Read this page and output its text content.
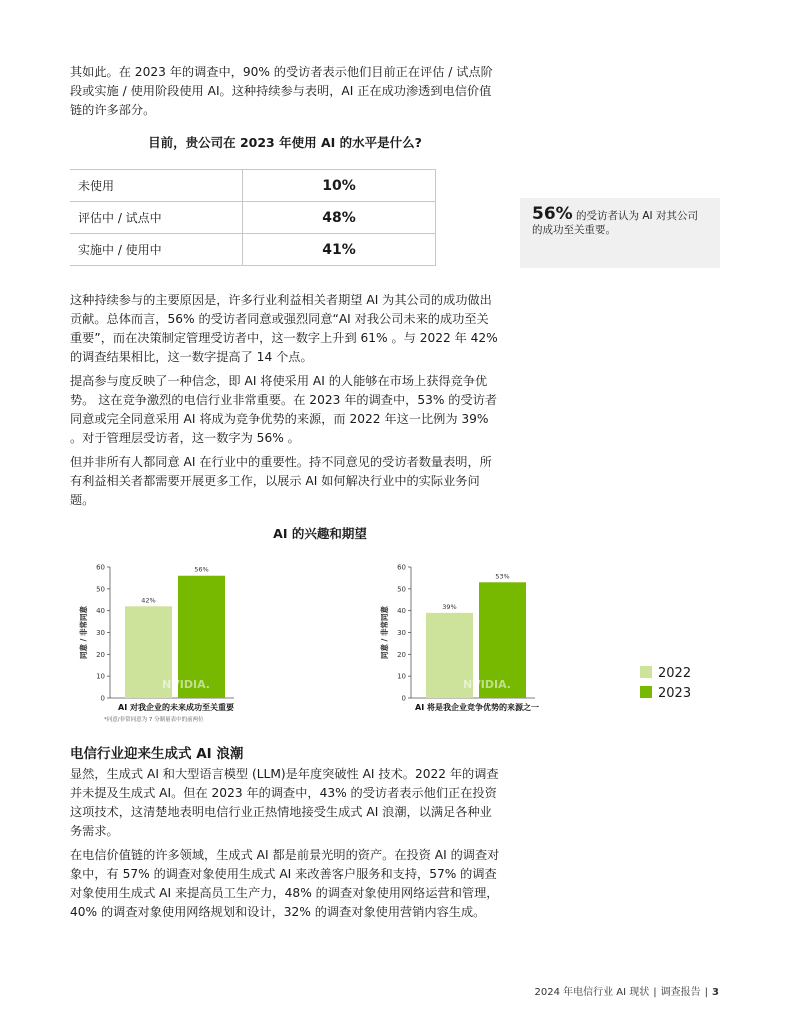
其如此。在 2023 年的调查中，90% 的受访者表示他们目前正在评估 / 试点阶段或实施 / 使用阶段使用 AI。这种持续参与表明，AI 正在成功渗透到电信价值链的许多部分。

目前，贵公司在 2023 年使用 AI 的水平是什么?

未使用	10%
评估中 / 试点中	48%
实施中 / 使用中	41%
56% 的受访者认为 AI 对其公司的成功至关重要。

这种持续参与的主要原因是，许多行业利益相关者期望 AI 为其公司的成功做出贡献。总体而言，56% 的受访者同意或强烈同意“AI 对我公司未来的成功至关重要”，而在决策制定管理受访者中，这一数字上升到 61% 。与 2022 年 42% 的调查结果相比，这一数字提高了 14 个点。

提高参与度反映了一种信念，即 AI 将使采用 AI 的人能够在市场上获得竞争优势。 这在竞争激烈的电信行业非常重要。在 2023 年的调查中，53% 的受访者同意或完全同意采用 AI 将成为竞争优势的来源，而 2022 年这一比例为 39% 。对于管理层受访者，这一数字为 56% 。

但并非所有人都同意 AI 在行业中的重要性。持不同意见的受访者数量表明，所有利益相关者都需要开展更多工作，以展示 AI 如何解决行业中的实际业务问题。

AI 的兴趣和期望
同意 / 非常同意
0
10
20
30
40
50
60
42%
56%
NVIDIA.
AI 对我企业的未来成功至关重要
*同意/非常同意为 7 分制量表中的前两位
同意 / 非常同意
0
10
20
30
40
50
60
39%
53%
NVIDIA.
AI 将是我企业竞争优势的来源之一
2022
2023
电信行业迎来生成式 AI 浪潮

显然，生成式 AI 和大型语言模型 (LLM)是年度突破性 AI 技术。2022 年的调查并未提及生成式 AI。但在 2023 年的调查中，43% 的受访者表示他们正在投资这项技术，这清楚地表明电信行业正热情地接受生成式 AI 浪潮，以满足各种业务需求。

在电信价值链的许多领域，生成式 AI 都是前景光明的资产。在投资 AI 的调查对象中，有 57% 的调查对象使用生成式 AI 来改善客户服务和支持，57% 的调查对象使用生成式 AI 来提高员工生产力，48% 的调查对象使用网络运营和管理，40% 的调查对象使用网络规划和设计，32% 的调查对象使用营销内容生成。

2024 年电信行业 AI 现状 | 调查报告 | 3
